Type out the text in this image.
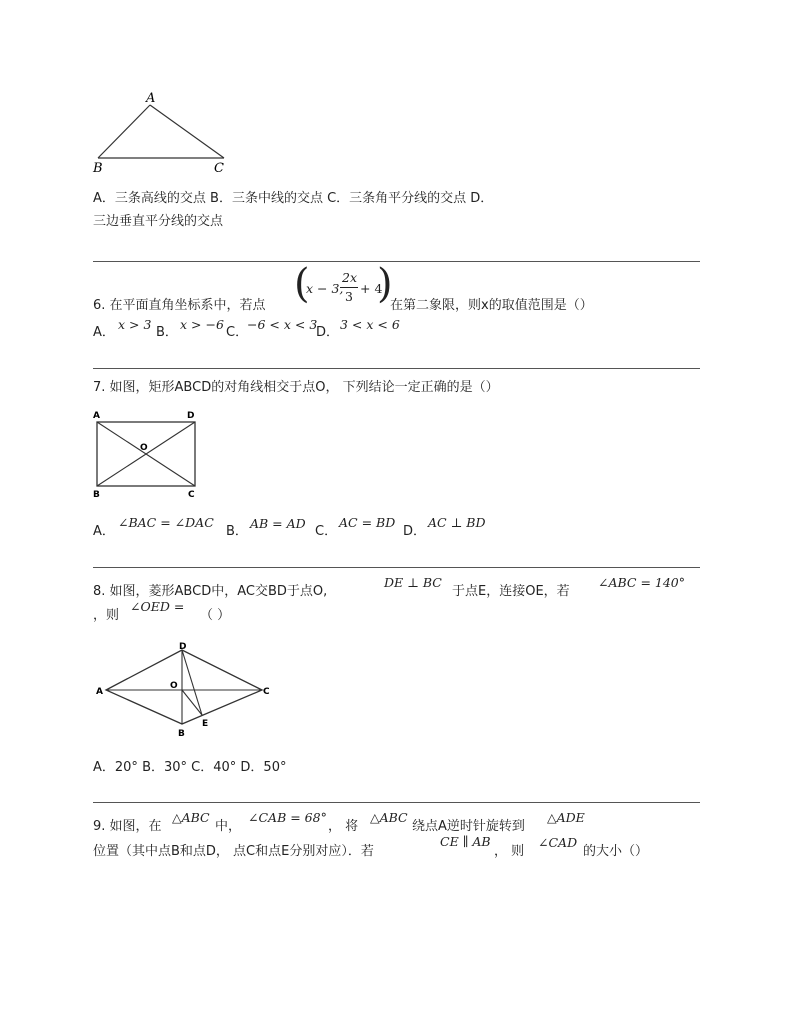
A
B	C
A．三条高线的交点 B．三条中线的交点 C．三条角平分线的交点 D．
三边垂直平分线的交点
6. 在平面直角坐标系中，若点 (
x − 3,
2x
3
+ 4
)
在第二象限，则x的取值范围是（）
A．
x > 3
B．
x > −6
C．
−6 < x < 3
D．
3 < x < 6
7. 如图，矩形ABCD的对角线相交于点O， 下列结论一定正确的是（）
A	D
O
B	C
A．
∠BAC = ∠DAC
B．
AB = AD
C．
AC = BD
D．
AC ⊥ BD
8. 如图，菱形ABCD中，AC交BD于点O,
DE ⊥ BC
于点E，连接OE，若
∠ABC = 140°
，则
∠OED =
（ ）
D
A
O
C
E
B
A．20° B．30° C．40° D．50°
9. 如图，在
△ABC
中，
∠CAB = 68°
， 将
△ABC
绕点A逆时针旋转到
△ADE
位置（其中点B和点D， 点C和点E分别对应）．若
CE ∥ AB
， 则
∠CAD
的大小（）
